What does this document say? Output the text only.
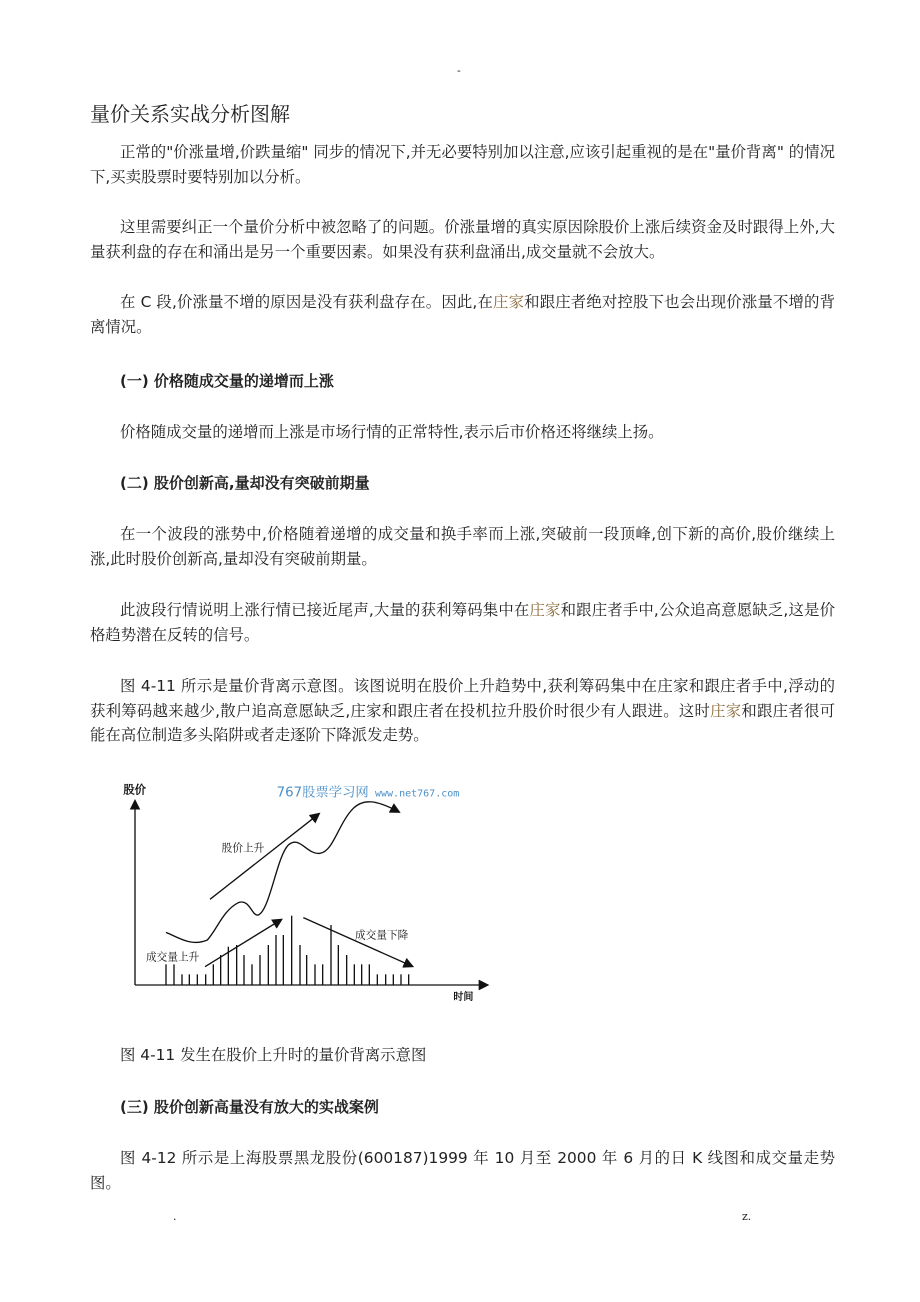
-
量价关系实战分析图解
正常的"价涨量增,价跌量缩" 同步的情况下,并无必要特别加以注意,应该引起重视的是在"量价背离" 的情况下,买卖股票时要特别加以分析。
这里需要纠正一个量价分析中被忽略了的问题。价涨量增的真实原因除股价上涨后续资金及时跟得上外,大量获利盘的存在和涌出是另一个重要因素。如果没有获利盘涌出,成交量就不会放大。
在 C 段,价涨量不增的原因是没有获利盘存在。因此,在庄家和跟庄者绝对控股下也会出现价涨量不增的背离情况。
(一) 价格随成交量的递增而上涨
价格随成交量的递增而上涨是市场行情的正常特性,表示后市价格还将继续上扬。
(二) 股价创新高,量却没有突破前期量
在一个波段的涨势中,价格随着递增的成交量和换手率而上涨,突破前一段顶峰,创下新的高价,股价继续上涨,此时股价创新高,量却没有突破前期量。
此波段行情说明上涨行情已接近尾声,大量的获利筹码集中在庄家和跟庄者手中,公众追高意愿缺乏,这是价格趋势潜在反转的信号。
图 4-11 所示是量价背离示意图。该图说明在股价上升趋势中,获利筹码集中在庄家和跟庄者手中,浮动的获利筹码越来越少,散户追高意愿缺乏,庄家和跟庄者在投机拉升股价时很少有人跟进。这时庄家和跟庄者很可能在高位制造多头陷阱或者走逐阶下降派发走势。
股价
时间
767股票学习网 www.net767.com
股价上升
成交量上升
成交量下降
图 4-11 发生在股价上升时的量价背离示意图
(三) 股价创新高量没有放大的实战案例
图 4-12 所示是上海股票黑龙股份(600187)1999 年 10 月至 2000 年 6 月的日 K 线图和成交量走势图。
.	z.
